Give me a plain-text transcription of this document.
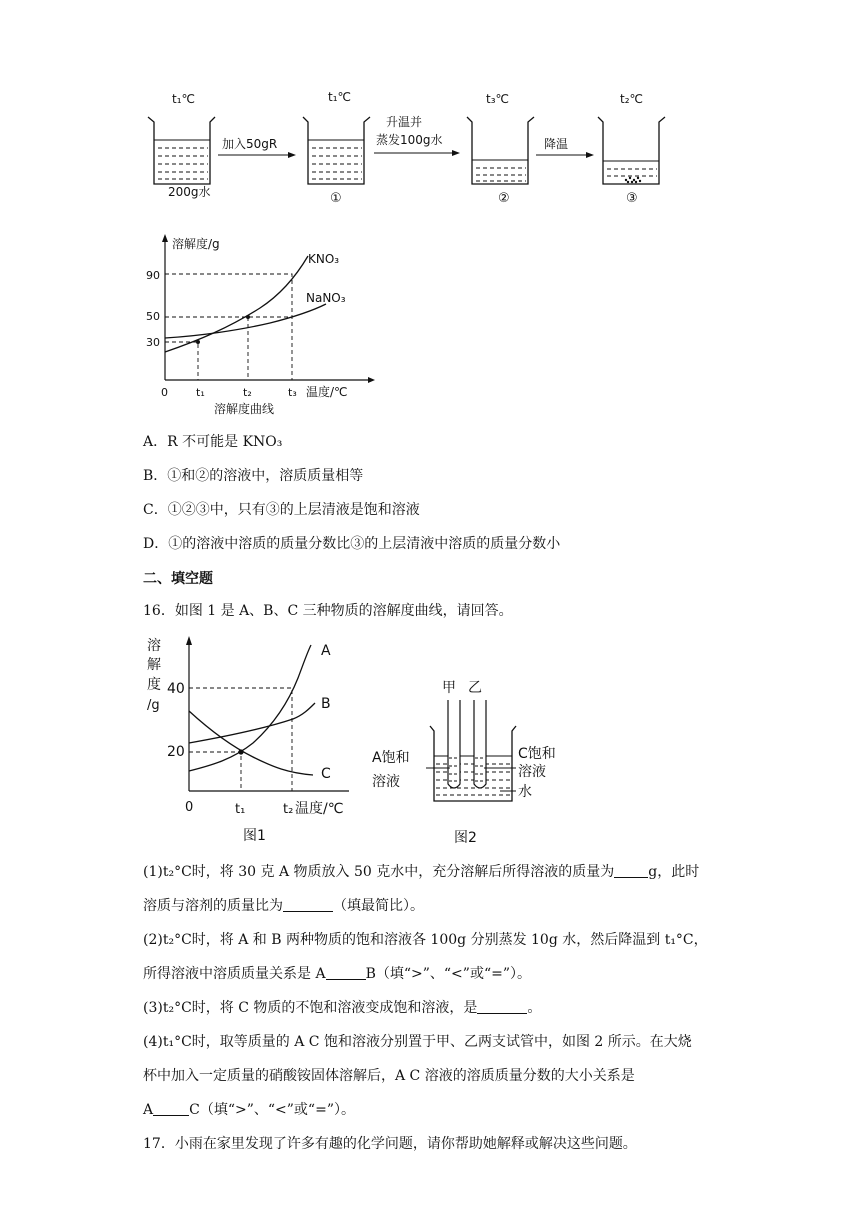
t₁℃	t₁℃	t₃℃	t₂℃
200g水
加入50gR
①
升温并
蒸发100g水
②
降温
③
溶解度/g
温度/℃
0
90
50
30
t₁	t₂	t₃
KNO₃
NaNO₃
溶解度曲线
A．R 不可能是 KNO₃
B．①和②的溶液中，溶质质量相等
C．①②③中，只有③的上层清液是饱和溶液
D．①的溶液中溶质的质量分数比③的上层清液中溶质的质量分数小
二、填空题
16．如图 1 是 A、B、C 三种物质的溶解度曲线，请回答。
溶
解
度
/g
40
20
0	t₁	t₂ 温度/℃
A
B
C
图1
甲 乙
A饱和
溶液
C饱和
溶液
水
图2
(1)t₂°C时，将 30 克 A 物质放入 50 克水中，充分溶解后所得溶液的质量为 g，此时
溶质与溶剂的质量比为	（填最简比）。
(2)t₂°C时，将 A 和 B 两种物质的饱和溶液各 100g 分别蒸发 10g 水，然后降温到 t₁°C，
所得溶液中溶质质量关系是 A	B（填“>”、“<”或“=”）。
(3)t₂°C时，将 C 物质的不饱和溶液变成饱和溶液，是	。
(4)t₁°C时，取等质量的 A C 饱和溶液分别置于甲、乙两支试管中，如图 2 所示。在大烧
杯中加入一定质量的硝酸铵固体溶解后，A C 溶液的溶质质量分数的大小关系是
A	C（填“>”、“<”或“=”）。
17．小雨在家里发现了许多有趣的化学问题，请你帮助她解释或解决这些问题。
